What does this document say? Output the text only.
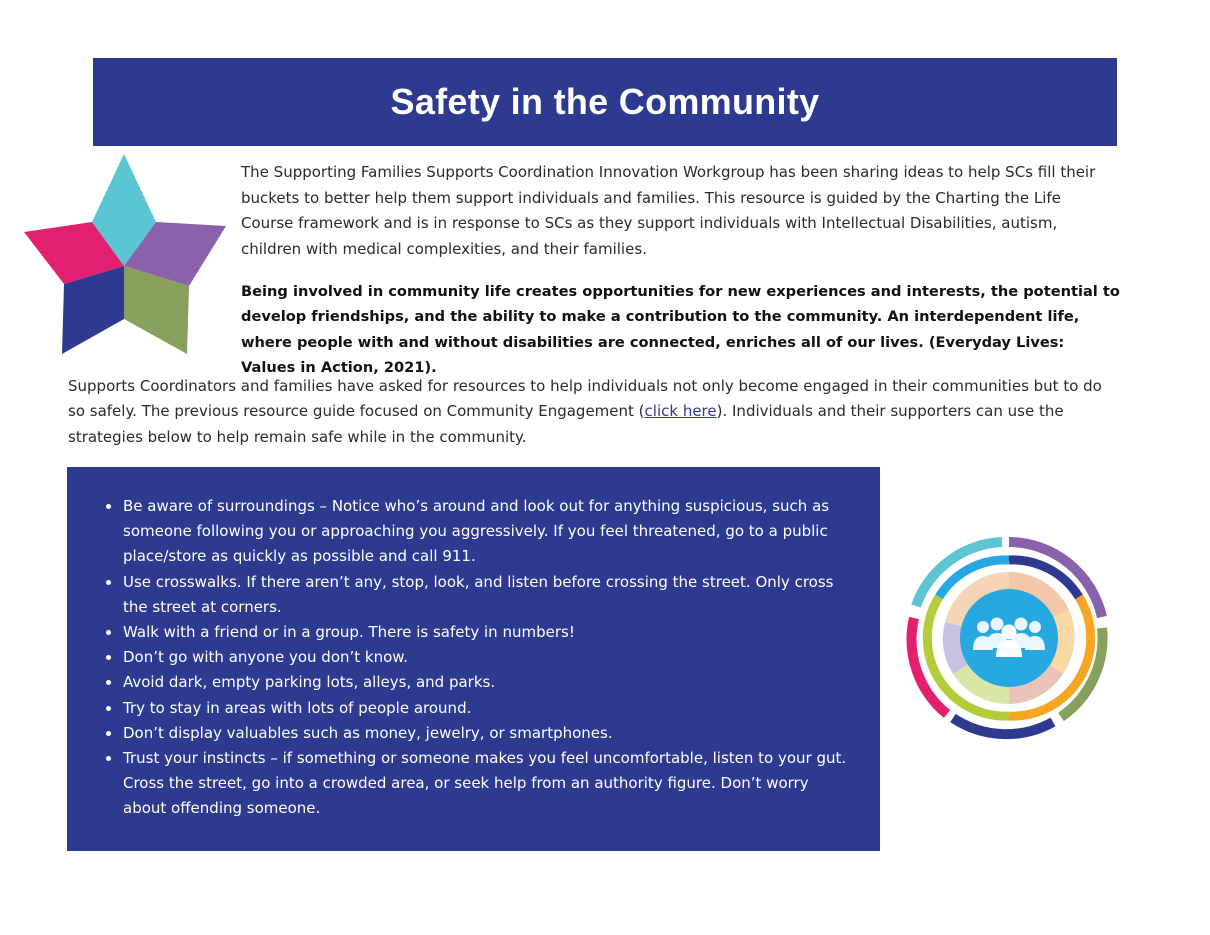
Safety in the Community

The Supporting Families Supports Coordination Innovation Workgroup has been sharing ideas to help SCs fill their buckets to better help them support individuals and families. This resource is guided by the Charting the Life Course framework and is in response to SCs as they support individuals with Intellectual Disabilities, autism, children with medical complexities, and their families.

Being involved in community life creates opportunities for new experiences and interests, the potential to develop friendships, and the ability to make a contribution to the community. An interdependent life, where people with and without disabilities are connected, enriches all of our lives. (Everyday Lives: Values in Action, 2021).

Supports Coordinators and families have asked for resources to help individuals not only become engaged in their communities but to do so safely. The previous resource guide focused on Community Engagement (click here). Individuals and their supporters can use the strategies below to help remain safe while in the community.

Be aware of surroundings – Notice who’s around and look out for anything suspicious, such as someone following you or approaching you aggressively. If you feel threatened, go to a public place/store as quickly as possible and call 911.
Use crosswalks. If there aren’t any, stop, look, and listen before crossing the street. Only cross the street at corners.
Walk with a friend or in a group. There is safety in numbers!
Don’t go with anyone you don’t know.
Avoid dark, empty parking lots, alleys, and parks.
Try to stay in areas with lots of people around.
Don’t display valuables such as money, jewelry, or smartphones.
Trust your instincts – if something or someone makes you feel uncomfortable, listen to your gut. Cross the street, go into a crowded area, or seek help from an authority figure. Don’t worry about offending someone.
